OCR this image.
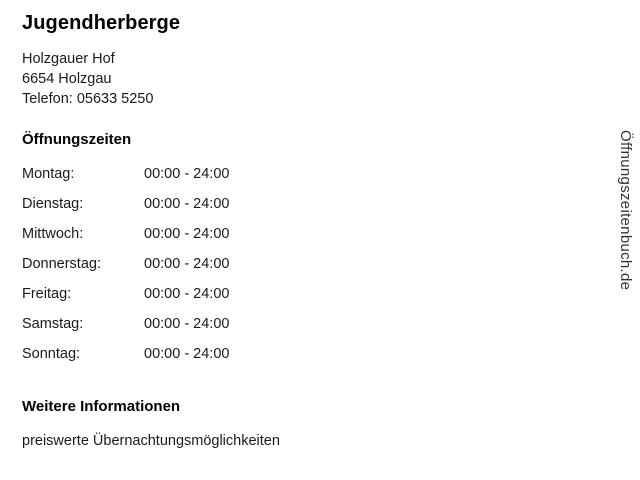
Jugendherberge
Holzgauer Hof
6654 Holzgau
Telefon: 05633 5250
Öffnungszeiten
Montag:	00:00 - 24:00
Dienstag:	00:00 - 24:00
Mittwoch:	00:00 - 24:00
Donnerstag:	00:00 - 24:00
Freitag:	00:00 - 24:00
Samstag:	00:00 - 24:00
Sonntag:	00:00 - 24:00
Weitere Informationen
preiswerte Übernachtungsmöglichkeiten
Öffnungszeitenbuch.de
